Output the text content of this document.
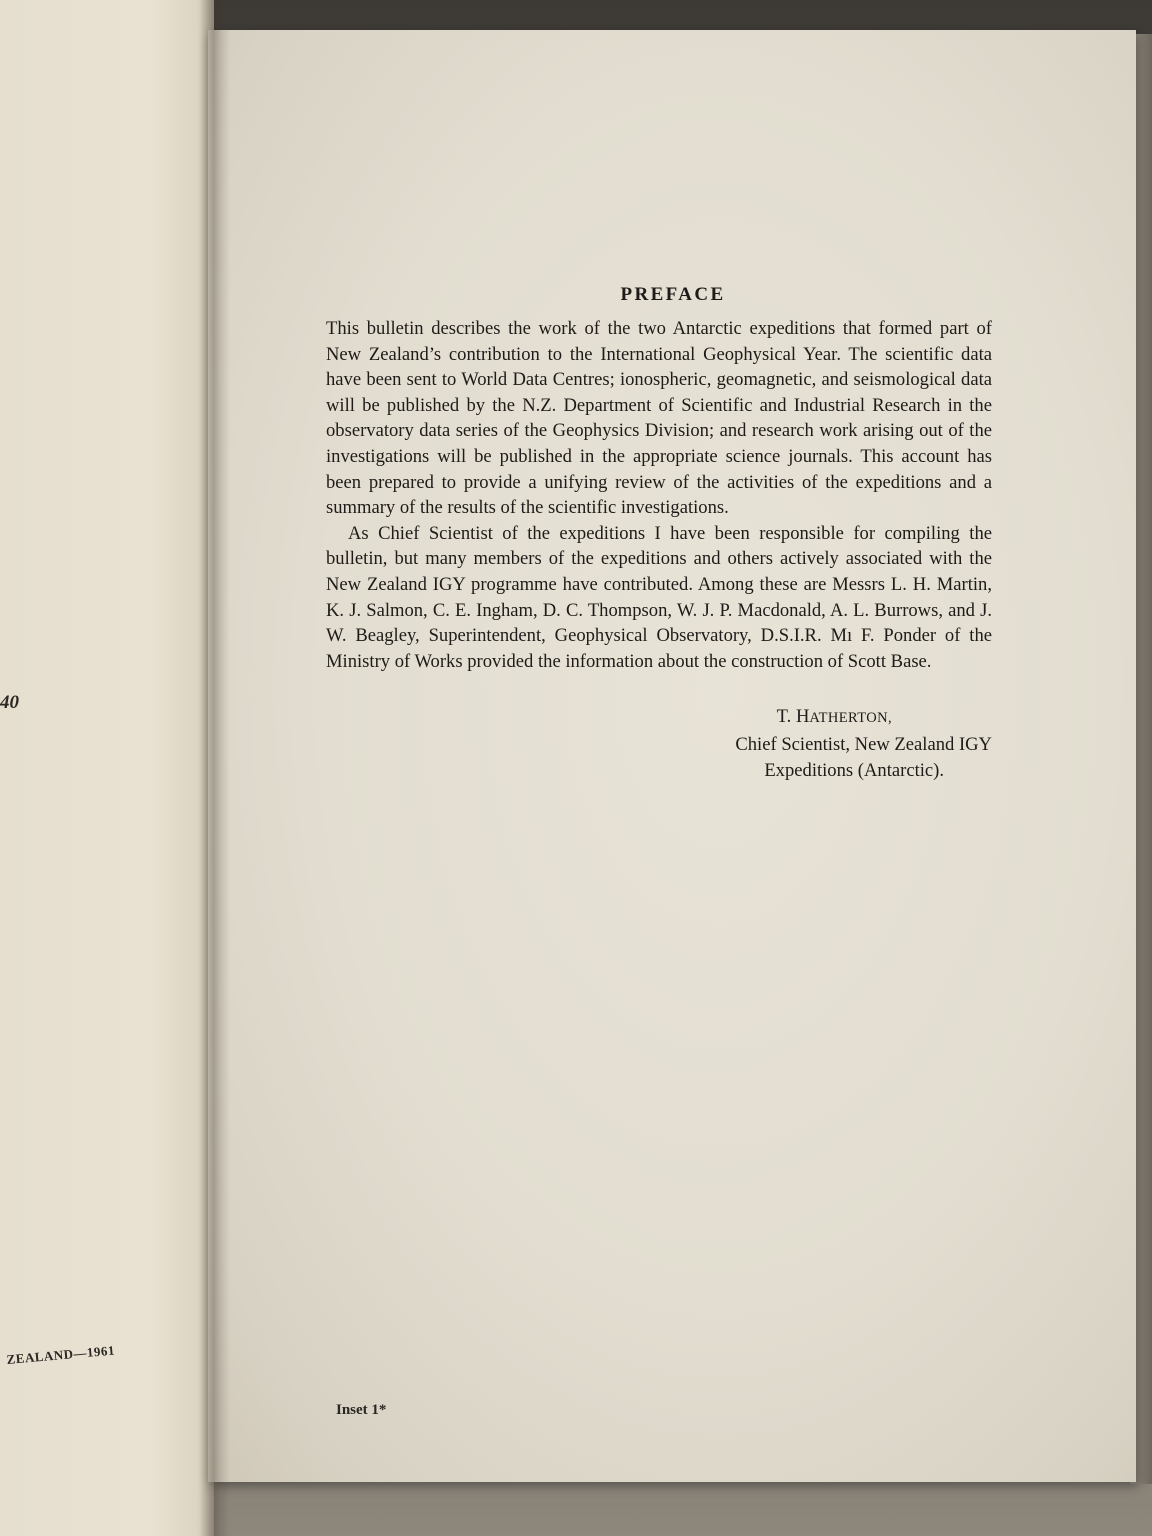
40
ZEALAND—1961
PREFACE

This bulletin describes the work of the two Antarctic expeditions that formed part of New Zealand’s contribution to the International Geophysical Year. The scientific data have been sent to World Data Centres; ionospheric, geomagnetic, and seismological data will be published by the N.Z. Department of Scientific and Industrial Research in the observatory data series of the Geophysics Division; and research work arising out of the investigations will be published in the appropriate science journals. This account has been prepared to provide a unifying review of the activities of the expeditions and a summary of the results of the scientific investigations.

As Chief Scientist of the expeditions I have been responsible for compiling the bulletin, but many members of the expeditions and others actively associated with the New Zealand IGY programme have contributed. Among these are Messrs L. H. Martin, K. J. Salmon, C. E. Ingham, D. C. Thompson, W. J. P. Macdonald, A. L. Burrows, and J. W. Beagley, Superintendent, Geophysical Observatory, D.S.I.R. Mı F. Ponder of the Ministry of Works provided the information about the construction of Scott Base.

T. HATHERTON,
Chief Scientist, New Zealand IGY
Expeditions (Antarctic).
Inset 1*
